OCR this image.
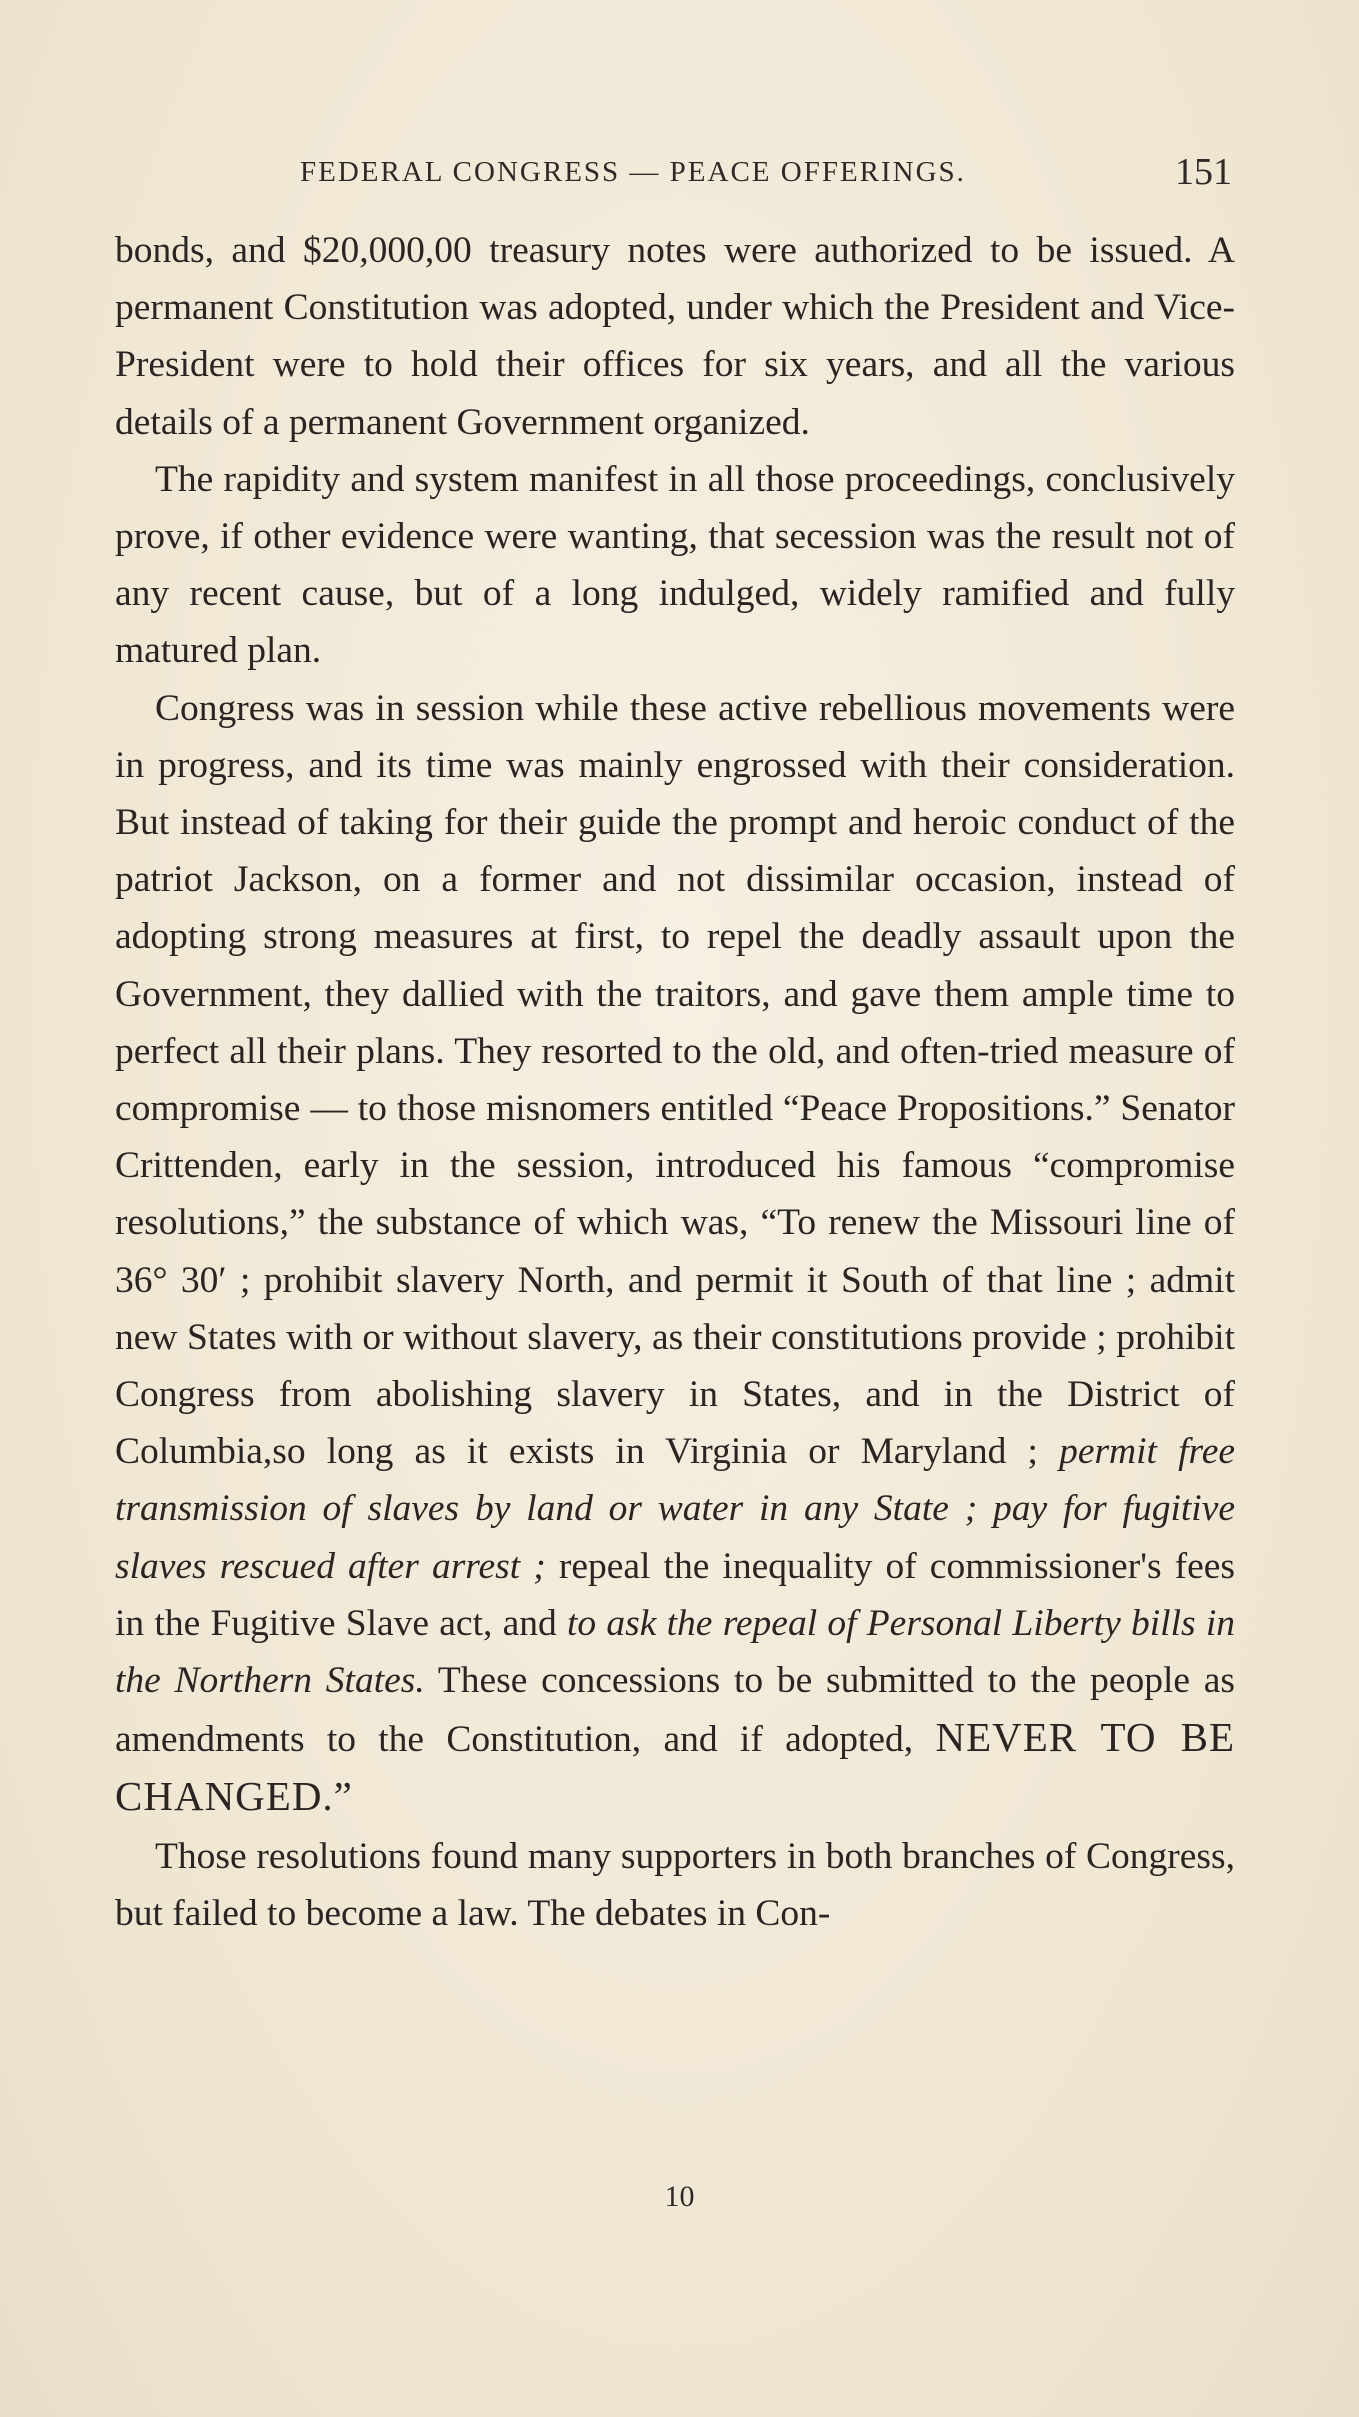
FEDERAL CONGRESS — PEACE OFFERINGS.	151

bonds, and $20,000,00 treasury notes were authorized to be issued. A permanent Constitution was adopted, under which the President and Vice-President were to hold their offices for six years, and all the various details of a permanent Government organized.

The rapidity and system manifest in all those proceedings, conclusively prove, if other evidence were wanting, that secession was the result not of any recent cause, but of a long indulged, widely ramified and fully matured plan.

Congress was in session while these active rebellious movements were in progress, and its time was mainly engrossed with their consideration. But instead of taking for their guide the prompt and heroic conduct of the patriot Jackson, on a former and not dissimilar occasion, instead of adopting strong measures at first, to repel the deadly assault upon the Government, they dallied with the traitors, and gave them ample time to perfect all their plans. They resorted to the old, and often-tried measure of compromise — to those misnomers entitled “Peace Propositions.” Senator Crittenden, early in the session, introduced his famous “compromise resolutions,” the substance of which was, “To renew the Missouri line of 36° 30′ ; prohibit slavery North, and permit it South of that line ; admit new States with or without slavery, as their constitutions provide ; prohibit Congress from abolishing slavery in States, and in the District of Columbia,so long as it exists in Virginia or Maryland ; permit free transmission of slaves by land or water in any State ; pay for fugitive slaves rescued after arrest ; repeal the inequality of commissioner's fees in the Fugitive Slave act, and to ask the repeal of Personal Liberty bills in the Northern States. These concessions to be submitted to the people as amendments to the Constitution, and if adopted, NEVER TO BE CHANGED.”

Those resolutions found many supporters in both branches of Congress, but failed to become a law. The debates in Con-

10
